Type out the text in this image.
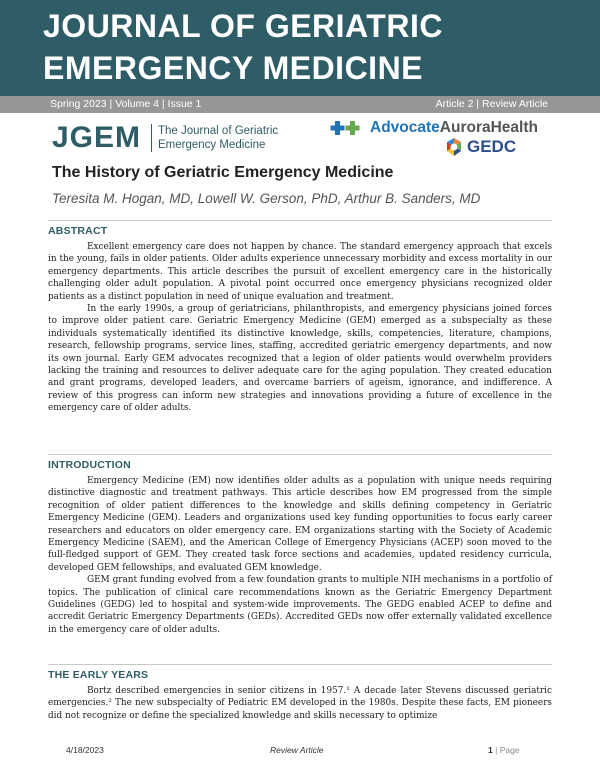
JOURNAL OF GERIATRIC
EMERGENCY MEDICINE
Spring 2023 | Volume 4 | Issue 1	Article 2 | Review Article
JGEM The Journal of Geriatric
Emergency Medicine
AdvocateAuroraHealth
GEDC
The History of Geriatric Emergency Medicine
Teresita M. Hogan, MD, Lowell W. Gerson, PhD, Arthur B. Sanders, MD
ABSTRACT

Excellent emergency care does not happen by chance. The standard emergency approach that excels in the young, fails in older patients. Older adults experience unnecessary morbidity and excess mortality in our emergency departments. This article describes the pursuit of excellent emergency care in the historically challenging older adult population. A pivotal point occurred once emergency physicians recognized older patients as a distinct population in need of unique evaluation and treatment.

In the early 1990s, a group of geriatricians, philanthropists, and emergency physicians joined forces to improve older patient care. Geriatric Emergency Medicine (GEM) emerged as a subspecialty as these individuals systematically identified its distinctive knowledge, skills, competencies, literature, champions, research, fellowship programs, service lines, staffing, accredited geriatric emergency departments, and now its own journal. Early GEM advocates recognized that a legion of older patients would overwhelm providers lacking the training and resources to deliver adequate care for the aging population. They created education and grant programs, developed leaders, and overcame barriers of ageism, ignorance, and indifference. A review of this progress can inform new strategies and innovations providing a future of excellence in the emergency care of older adults.

INTRODUCTION

Emergency Medicine (EM) now identifies older adults as a population with unique needs requiring distinctive diagnostic and treatment pathways. This article describes how EM progressed from the simple recognition of older patient differences to the knowledge and skills defining competency in Geriatric Emergency Medicine (GEM). Leaders and organizations used key funding opportunities to focus early career researchers and educators on older emergency care. EM organizations starting with the Society of Academic Emergency Medicine (SAEM), and the American College of Emergency Physicians (ACEP) soon moved to the full-fledged support of GEM. They created task force sections and academies, updated residency curricula, developed GEM fellowships, and evaluated GEM knowledge.

GEM grant funding evolved from a few foundation grants to multiple NIH mechanisms in a portfolio of topics. The publication of clinical care recommendations known as the Geriatric Emergency Department Guidelines (GEDG) led to hospital and system-wide improvements. The GEDG enabled ACEP to define and accredit Geriatric Emergency Departments (GEDs). Accredited GEDs now offer externally validated excellence in the emergency care of older adults.

THE EARLY YEARS

Bortz described emergencies in senior citizens in 1957.¹ A decade later Stevens discussed geriatric emergencies.² The new subspecialty of Pediatric EM developed in the 1980s. Despite these facts, EM pioneers did not recognize or define the specialized knowledge and skills necessary to optimize

4/18/2023	Review Article	1 | Page
